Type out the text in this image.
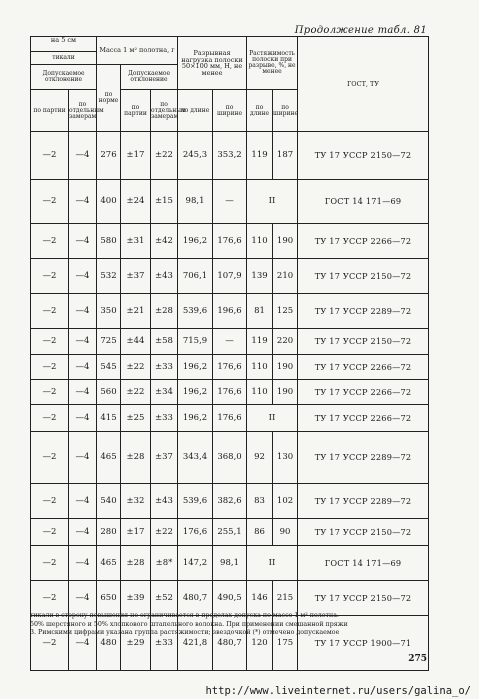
Продолжение табл. 81
на 5 см		Масса 1 м² полотна, г			Разрывная нагрузка полоски 50×100 мм, Н, не менее		Растяжимость полоски при разрыве, %, не менее		ГОСТ, ТУ
тикали									
Допускаемое отклонение		по норме	Допускаемое отклонение						
по партии	по отдельным замерам		по партии	по отдельным замерам	по длине	по ширине	по длине	по ширине	
—2	—4	276	±17	±22	245,3	353,2	119	187	ТУ 17 УССР 2150—72
—2	—4	400	±24	±15	98,1	—	II		ГОСТ 14 171—69
—2	—4	580	±31	±42	196,2	176,6	110	190	ТУ 17 УССР 2266—72
—2	—4	532	±37	±43	706,1	107,9	139	210	ТУ 17 УССР 2150—72
—2	—4	350	±21	±28	539,6	196,6	81	125	ТУ 17 УССР 2289—72
—2	—4	725	±44	±58	715,9	—	119	220	ТУ 17 УССР 2150—72
—2	—4	545	±22	±33	196,2	176,6	110	190	ТУ 17 УССР 2266—72
—2	—4	560	±22	±34	196,2	176,6	110	190	ТУ 17 УССР 2266—72
—2	—4	415	±25	±33	196,2	176,6	II		ТУ 17 УССР 2266—72
—2	—4	465	±28	±37	343,4	368,0	92	130	ТУ 17 УССР 2289—72
—2	—4	540	±32	±43	539,6	382,6	83	102	ТУ 17 УССР 2289—72
—2	—4	280	±17	±22	176,6	255,1	86	90	ТУ 17 УССР 2150—72
—2	—4	465	±28	±8*	147,2	98,1	II		ГОСТ 14 171—69
—2	—4	650	±39	±52	480,7	490,5	146	215	ТУ 17 УССР 2150—72
—2	—4	480	±29	±33	421,8	480,7	120	175	ТУ 17 УССР 1900—71
тикали в сторону повышения не ограничивается в пределах допуска по массе 1 м² полотна.
50% шерстяного и 50% хлопкового штапельного волокна. При применении смешанной пряжи
3. Римскими цифрами указана группа растяжимости; звездочкой (*) отмечено допускаемое
275
http://www.liveinternet.ru/users/galina_o/
